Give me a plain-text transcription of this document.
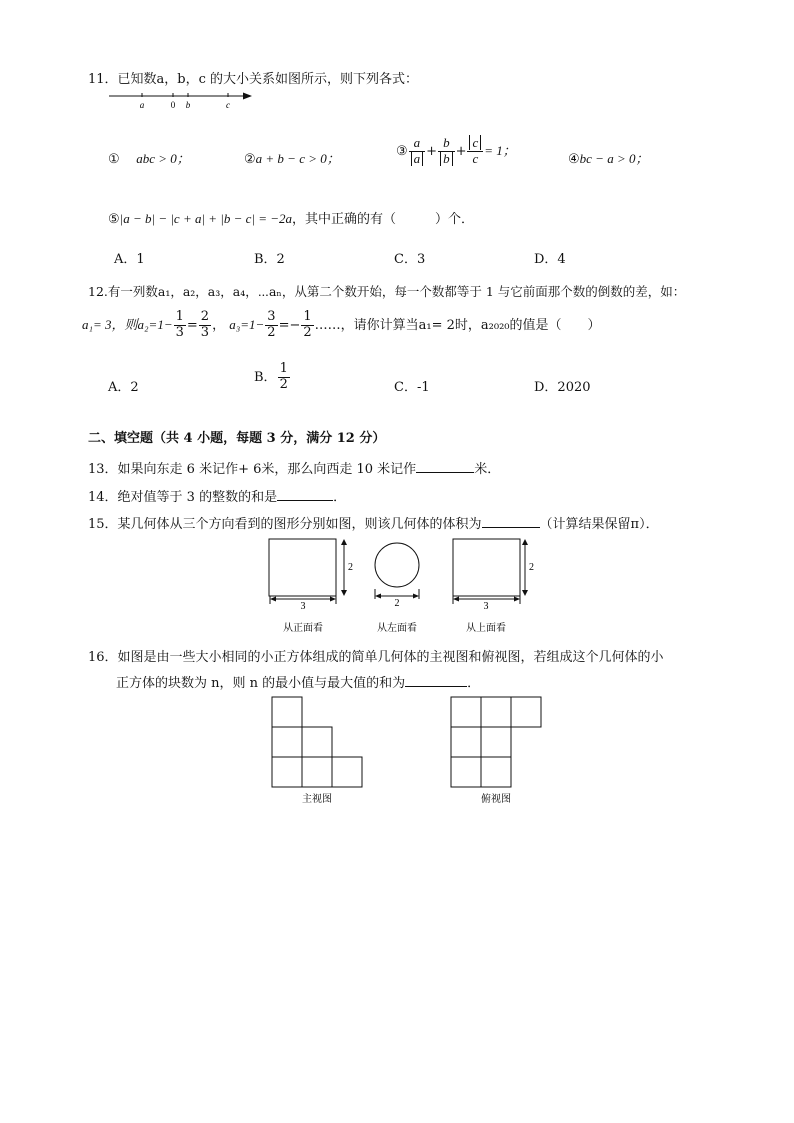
11．已知数a，b，c 的大小关系如图所示，则下列各式：
a	0 b	c
① abc > 0；	②a + b − c > 0；	③ $\frac{a}{a} + \frac{b}{b} + \frac{c}{c} = 1$；
④bc − a > 0；
⑤|a − b| − |c + a| + |b − c| = −2a，其中正确的有（　　　）个．
A．1	B．2	C．3	D．4
12.有一列数a₁，a₂，a₃，a₄，⋯aₙ，从第二个数开始，每一个数都等于 1 与它前面那个数的倒数的差，如：
a₁= 3，则$a_2=1- \frac{1}{3} = \frac{2}{3}$ ， $a_3=1- \frac{3}{2} =- \frac{1}{2}$ ……，请你计算当a₁= 2时，a₂₀₂₀的值是（　　）
A．2
B． $\frac{1}{2}$	C．-1	D．2020
二、填空题（共 4 小题，每题 3 分，满分 12 分）
13．如果向东走 6 米记作+ 6米，那么向西走 10 米记作	米．
14．绝对值等于 3 的整数的和是	．
15．某几何体从三个方向看到的图形分别如图，则该几何体的体积为	（计算结果保留π）．
3
2
从正面看
2
从左面看
3
2
从上面看
16．如图是由一些大小相同的小正方体组成的简单几何体的主视图和俯视图，若组成这个几何体的小
正方体的块数为 n，则 n 的最小值与最大值的和为	．
主视图	俯视图
